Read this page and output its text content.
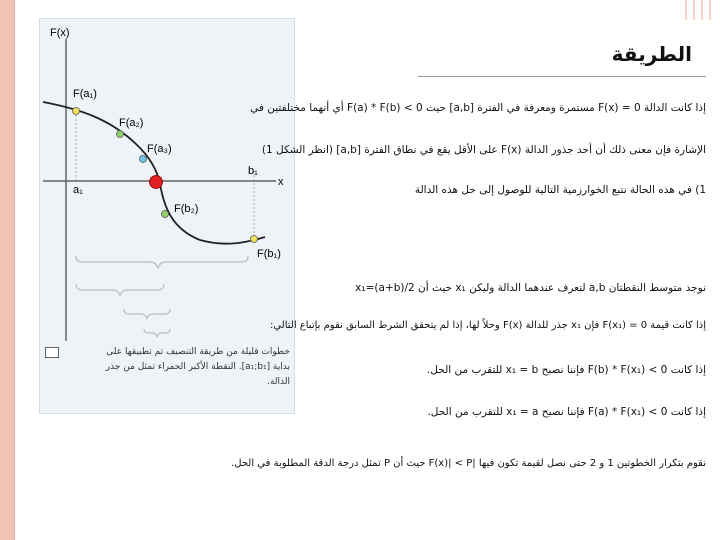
F(x)
x
F(a₁)
F(a₂)
F(a₃)
F(b₂)
F(b₁)
a₁
b₁
خطوات قليلة من طريقة التنصيف تم تطبيقها على
بداية [a₁;b₁]. النقطة الأكبر الحمراء تمثل من جذر
الدالة.
الطريقة
إذا كانت الدالة F(x) = 0 مستمرة ومعرفة في الفترة [a,b] حيث F(a) * F(b) < 0 أي أنهما مختلفتين في
الإشارة فإن معنى ذلك أن أحد جذور الدالة F(x) على الأقل يقع في نطاق الفترة [a,b] (انظر الشكل 1)
1) في هذه الحالة نتبع الخوارزمية التالية للوصول إلى حل هذه الدالة
نوجد متوسط النقطتان a,b لتعرف عندهما الدالة وليكن x₁ حيث أن x₁=(a+b)/2
إذا كانت قيمة F(x₁) = 0 فإن x₁ جذر للدالة F(x) وحلاً لها، إذا لم يتحقق الشرط السابق نقوم بإتباع التالي:
إذا كانت F(b) * F(x₁) < 0 فإننا نصبح x₁ = b للتقرب من الحل.
إذا كانت F(a) * F(x₁) < 0 فإننا نصبح x₁ = a للتقرب من الحل.
نقوم بتكرار الخطوتين 1 و 2 حتى نصل لقيمة تكون فيها |F(x)| < P حيث أن P تمثل درجة الدقة المطلوبة في الحل.
